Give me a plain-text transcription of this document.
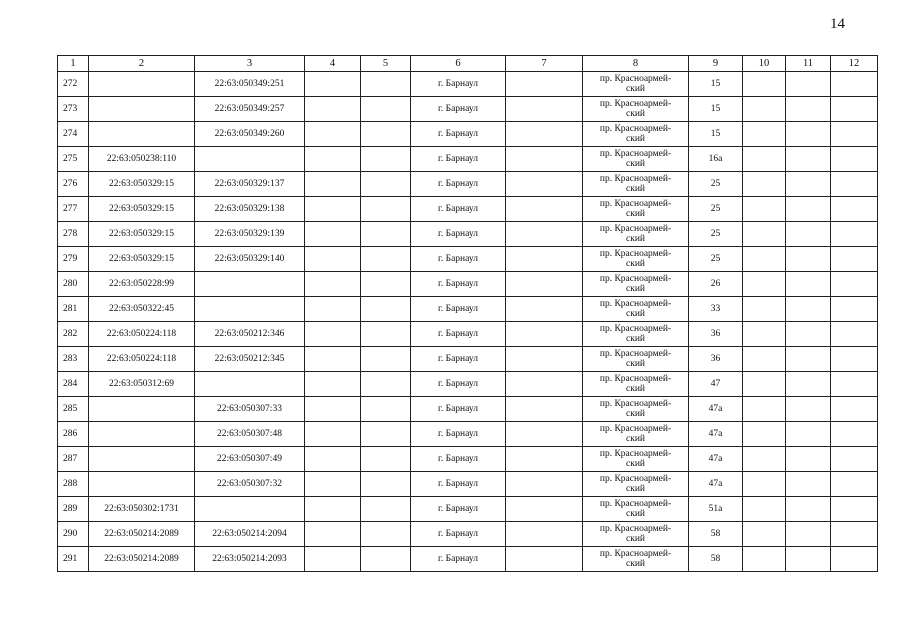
14
1	2	3	4	5	6	7	8	9	10	11	12
272		22:63:050349:251			г. Барнаул		пр. Красноармей-
ский	15			
273		22:63:050349:257			г. Барнаул		пр. Красноармей-
ский	15			
274		22:63:050349:260			г. Барнаул		пр. Красноармей-
ский	15			
275	22:63:050238:110				г. Барнаул		пр. Красноармей-
ский	16а			
276	22:63:050329:15	22:63:050329:137			г. Барнаул		пр. Красноармей-
ский	25			
277	22:63:050329:15	22:63:050329:138			г. Барнаул		пр. Красноармей-
ский	25			
278	22:63:050329:15	22:63:050329:139			г. Барнаул		пр. Красноармей-
ский	25			
279	22:63:050329:15	22:63:050329:140			г. Барнаул		пр. Красноармей-
ский	25			
280	22:63:050228:99				г. Барнаул		пр. Красноармей-
ский	26			
281	22:63:050322:45				г. Барнаул		пр. Красноармей-
ский	33			
282	22:63:050224:118	22:63:050212:346			г. Барнаул		пр. Красноармей-
ский	36			
283	22:63:050224:118	22:63:050212:345			г. Барнаул		пр. Красноармей-
ский	36			
284	22:63:050312:69				г. Барнаул		пр. Красноармей-
ский	47			
285		22:63:050307:33			г. Барнаул		пр. Красноармей-
ский	47а			
286		22:63:050307:48			г. Барнаул		пр. Красноармей-
ский	47а			
287		22:63:050307:49			г. Барнаул		пр. Красноармей-
ский	47а			
288		22:63:050307:32			г. Барнаул		пр. Красноармей-
ский	47а			
289	22:63:050302:1731				г. Барнаул		пр. Красноармей-
ский	51а			
290	22:63:050214:2089	22:63:050214:2094			г. Барнаул		пр. Красноармей-
ский	58			
291	22:63:050214:2089	22:63:050214:2093			г. Барнаул		пр. Красноармей-
ский	58			
